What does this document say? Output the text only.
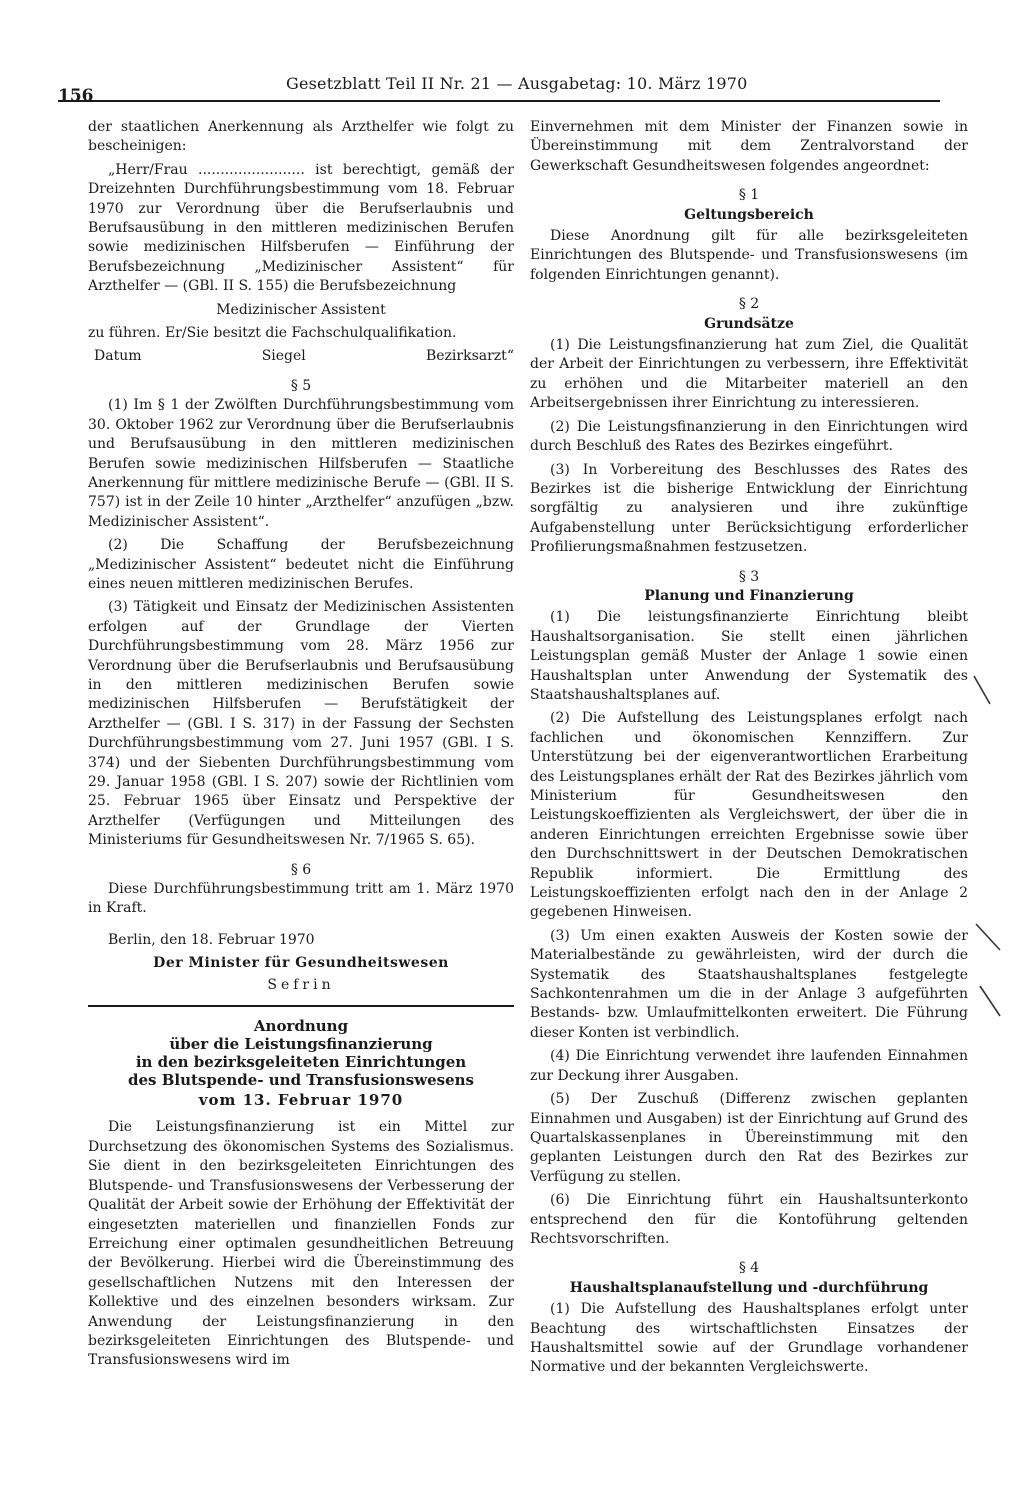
156
Gesetzblatt Teil II Nr. 21 — Ausgabetag: 10. März 1970

der staatlichen Anerkennung als Arzthelfer wie folgt zu bescheinigen:

„Herr/Frau ........................ ist berechtigt, gemäß der Dreizehnten Durchführungsbestimmung vom 18. Februar 1970 zur Verordnung über die Berufserlaubnis und Berufsausübung in den mittleren medizinischen Berufen sowie medizinischen Hilfsberufen — Einführung der Berufsbezeichnung „Medizinischer Assistent“ für Arzthelfer — (GBl. II S. 155) die Berufsbezeichnung

Medizinischer Assistent

zu führen. Er/Sie besitzt die Fachschulqualifikation.

Datum	Siegel	Bezirksarzt“

§ 5

(1) Im § 1 der Zwölften Durchführungsbestimmung vom 30. Oktober 1962 zur Verordnung über die Berufserlaubnis und Berufsausübung in den mittleren medizinischen Berufen sowie medizinischen Hilfsberufen — Staatliche Anerkennung für mittlere medizinische Berufe — (GBl. II S. 757) ist in der Zeile 10 hinter „Arzthelfer“ anzufügen „bzw. Medizinischer Assistent“.

(2) Die Schaffung der Berufsbezeichnung „Medizinischer Assistent“ bedeutet nicht die Einführung eines neuen mittleren medizinischen Berufes.

(3) Tätigkeit und Einsatz der Medizinischen Assistenten erfolgen auf der Grundlage der Vierten Durchführungsbestimmung vom 28. März 1956 zur Verordnung über die Berufserlaubnis und Berufsausübung in den mittleren medizinischen Berufen sowie medizinischen Hilfsberufen — Berufstätigkeit der Arzthelfer — (GBl. I S. 317) in der Fassung der Sechsten Durchführungsbestimmung vom 27. Juni 1957 (GBl. I S. 374) und der Siebenten Durchführungsbestimmung vom 29. Januar 1958 (GBl. I S. 207) sowie der Richtlinien vom 25. Februar 1965 über Einsatz und Perspektive der Arzthelfer (Verfügungen und Mitteilungen des Ministeriums für Gesundheitswesen Nr. 7/1965 S. 65).

§ 6

Diese Durchführungsbestimmung tritt am 1. März 1970 in Kraft.

Berlin, den 18. Februar 1970

Der Minister für Gesundheitswesen

Sefrin

Anordnung

über die Leistungsfinanzierung

in den bezirksgeleiteten Einrichtungen

des Blutspende- und Transfusionswesens

vom 13. Februar 1970

Die Leistungsfinanzierung ist ein Mittel zur Durchsetzung des ökonomischen Systems des Sozialismus. Sie dient in den bezirksgeleiteten Einrichtungen des Blutspende- und Transfusionswesens der Verbesserung der Qualität der Arbeit sowie der Erhöhung der Effektivität der eingesetzten materiellen und finanziellen Fonds zur Erreichung einer optimalen gesundheitlichen Betreuung der Bevölkerung. Hierbei wird die Übereinstimmung des gesellschaftlichen Nutzens mit den Interessen der Kollektive und des einzelnen besonders wirksam. Zur Anwendung der Leistungsfinanzierung in den bezirksgeleiteten Einrichtungen des Blutspende- und Transfusionswesens wird im

Einvernehmen mit dem Minister der Finanzen sowie in Übereinstimmung mit dem Zentralvorstand der Gewerkschaft Gesundheitswesen folgendes angeordnet:

§ 1

Geltungsbereich

Diese Anordnung gilt für alle bezirksgeleiteten Einrichtungen des Blutspende- und Transfusionswesens (im folgenden Einrichtungen genannt).

§ 2

Grundsätze

(1) Die Leistungsfinanzierung hat zum Ziel, die Qualität der Arbeit der Einrichtungen zu verbessern, ihre Effektivität zu erhöhen und die Mitarbeiter materiell an den Arbeitsergebnissen ihrer Einrichtung zu interessieren.

(2) Die Leistungsfinanzierung in den Einrichtungen wird durch Beschluß des Rates des Bezirkes eingeführt.

(3) In Vorbereitung des Beschlusses des Rates des Bezirkes ist die bisherige Entwicklung der Einrichtung sorgfältig zu analysieren und ihre zukünftige Aufgabenstellung unter Berücksichtigung erforderlicher Profilierungsmaßnahmen festzusetzen.

§ 3

Planung und Finanzierung

(1) Die leistungsfinanzierte Einrichtung bleibt Haushaltsorganisation. Sie stellt einen jährlichen Leistungsplan gemäß Muster der Anlage 1 sowie einen Haushaltsplan unter Anwendung der Systematik des Staatshaushaltsplanes auf.

(2) Die Aufstellung des Leistungsplanes erfolgt nach fachlichen und ökonomischen Kennziffern. Zur Unterstützung bei der eigenverantwortlichen Erarbeitung des Leistungsplanes erhält der Rat des Bezirkes jährlich vom Ministerium für Gesundheitswesen den Leistungskoeffizienten als Vergleichswert, der über die in anderen Einrichtungen erreichten Ergebnisse sowie über den Durchschnittswert in der Deutschen Demokratischen Republik informiert. Die Ermittlung des Leistungskoeffizienten erfolgt nach den in der Anlage 2 gegebenen Hinweisen.

(3) Um einen exakten Ausweis der Kosten sowie der Materialbestände zu gewährleisten, wird der durch die Systematik des Staatshaushaltsplanes festgelegte Sachkontenrahmen um die in der Anlage 3 aufgeführten Bestands- bzw. Umlaufmittelkonten erweitert. Die Führung dieser Konten ist verbindlich.

(4) Die Einrichtung verwendet ihre laufenden Einnahmen zur Deckung ihrer Ausgaben.

(5) Der Zuschuß (Differenz zwischen geplanten Einnahmen und Ausgaben) ist der Einrichtung auf Grund des Quartalskassenplanes in Übereinstimmung mit den geplanten Leistungen durch den Rat des Bezirkes zur Verfügung zu stellen.

(6) Die Einrichtung führt ein Haushaltsunterkonto entsprechend den für die Kontoführung geltenden Rechtsvorschriften.

§ 4

Haushaltsplanaufstellung und -durchführung

(1) Die Aufstellung des Haushaltsplanes erfolgt unter Beachtung des wirtschaftlichsten Einsatzes der Haushaltsmittel sowie auf der Grundlage vorhandener Normative und der bekannten Vergleichswerte.
